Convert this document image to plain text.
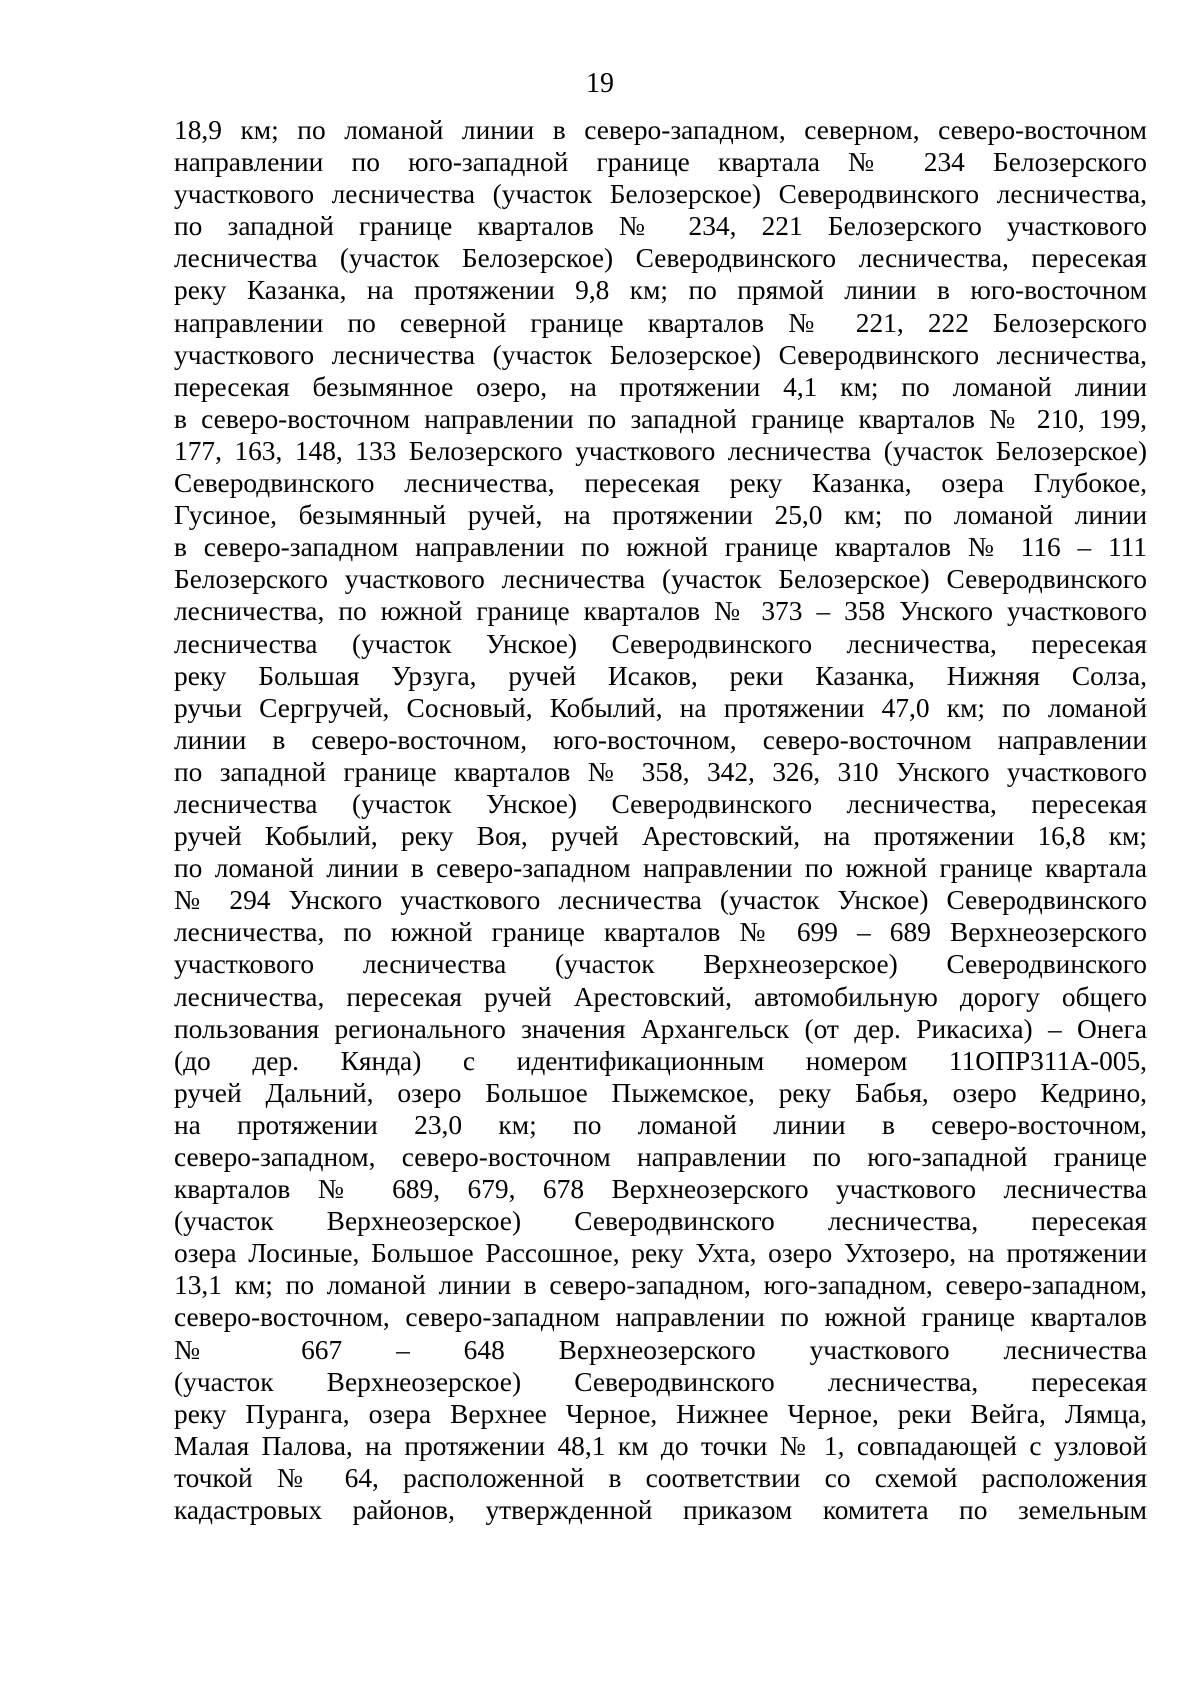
19
18,9 км; по ломаной линии в северо-западном, северном, северо-восточном
направлении по юго-западной границе квартала № 234 Белозерского
участкового лесничества (участок Белозерское) Северодвинского лесничества,
по западной границе кварталов № 234, 221 Белозерского участкового
лесничества (участок Белозерское) Северодвинского лесничества, пересекая
реку Казанка, на протяжении 9,8 км; по прямой линии в юго-восточном
направлении по северной границе кварталов № 221, 222 Белозерского
участкового лесничества (участок Белозерское) Северодвинского лесничества,
пересекая безымянное озеро, на протяжении 4,1 км; по ломаной линии
в северо-восточном направлении по западной границе кварталов № 210, 199,
177, 163, 148, 133 Белозерского участкового лесничества (участок Белозерское)
Северодвинского лесничества, пересекая реку Казанка, озера Глубокое,
Гусиное, безымянный ручей, на протяжении 25,0 км; по ломаной линии
в северо-западном направлении по южной границе кварталов № 116 – 111
Белозерского участкового лесничества (участок Белозерское) Северодвинского
лесничества, по южной границе кварталов № 373 – 358 Унского участкового
лесничества (участок Унское) Северодвинского лесничества, пересекая
реку Большая Урзуга, ручей Исаков, реки Казанка, Нижняя Солза,
ручьи Сергручей, Сосновый, Кобылий, на протяжении 47,0 км; по ломаной
линии в северо-восточном, юго-восточном, северо-восточном направлении
по западной границе кварталов № 358, 342, 326, 310 Унского участкового
лесничества (участок Унское) Северодвинского лесничества, пересекая
ручей Кобылий, реку Воя, ручей Арестовский, на протяжении 16,8 км;
по ломаной линии в северо-западном направлении по южной границе квартала
№ 294 Унского участкового лесничества (участок Унское) Северодвинского
лесничества, по южной границе кварталов № 699 – 689 Верхнеозерского
участкового лесничества (участок Верхнеозерское) Северодвинского
лесничества, пересекая ручей Арестовский, автомобильную дорогу общего
пользования регионального значения Архангельск (от дер. Рикасиха) – Онега
(до дер. Кянда) с идентификационным номером 11ОПР311А-005,
ручей Дальний, озеро Большое Пыжемское, реку Бабья, озеро Кедрино,
на протяжении 23,0 км; по ломаной линии в северо-восточном,
северо-западном, северо-восточном направлении по юго-западной границе
кварталов № 689, 679, 678 Верхнеозерского участкового лесничества
(участок Верхнеозерское) Северодвинского лесничества, пересекая
озера Лосиные, Большое Рассошное, реку Ухта, озеро Ухтозеро, на протяжении
13,1 км; по ломаной линии в северо-западном, юго-западном, северо-западном,
северо-восточном, северо-западном направлении по южной границе кварталов
№ 667 – 648 Верхнеозерского участкового лесничества
(участок Верхнеозерское) Северодвинского лесничества, пересекая
реку Пуранга, озера Верхнее Черное, Нижнее Черное, реки Вейга, Лямца,
Малая Палова, на протяжении 48,1 км до точки № 1, совпадающей с узловой
точкой № 64, расположенной в соответствии со схемой расположения
кадастровых районов, утвержденной приказом комитета по земельным
